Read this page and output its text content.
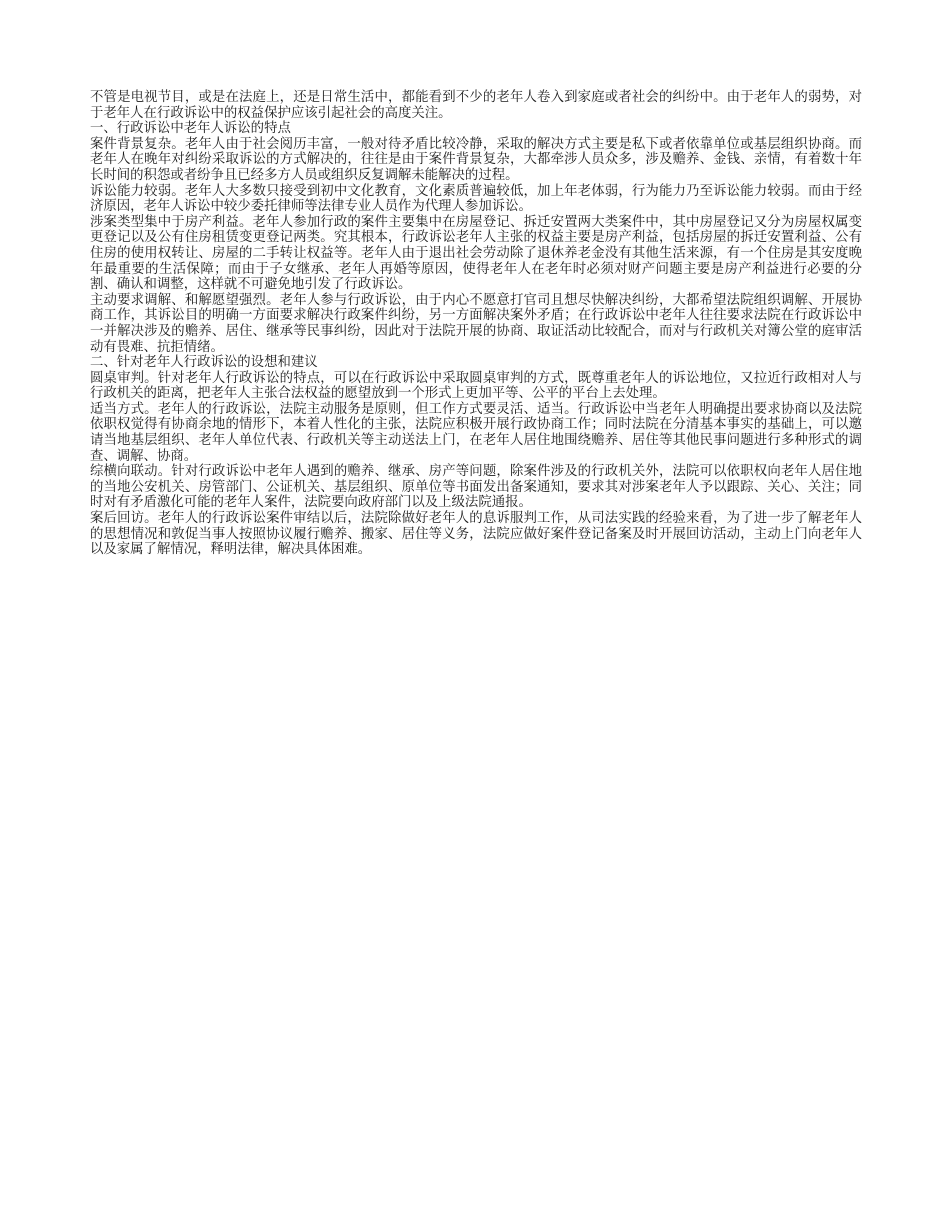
不管是电视节目，或是在法庭上，还是日常生活中，都能看到不少的老年人卷入到家庭或者社会的纠纷中。由于老年人的弱势，对于老年人在行政诉讼中的权益保护应该引起社会的高度关注。

一、行政诉讼中老年人诉讼的特点

案件背景复杂。老年人由于社会阅历丰富，一般对待矛盾比较冷静，采取的解决方式主要是私下或者依靠单位或基层组织协商。而老年人在晚年对纠纷采取诉讼的方式解决的，往往是由于案件背景复杂，大都牵涉人员众多，涉及赡养、金钱、亲情，有着数十年长时间的积怨或者纷争且已经多方人员或组织反复调解未能解决的过程。

诉讼能力较弱。老年人大多数只接受到初中文化教育，文化素质普遍较低，加上年老体弱，行为能力乃至诉讼能力较弱。而由于经济原因，老年人诉讼中较少委托律师等法律专业人员作为代理人参加诉讼。

涉案类型集中于房产利益。老年人参加行政的案件主要集中在房屋登记、拆迁安置两大类案件中，其中房屋登记又分为房屋权属变更登记以及公有住房租赁变更登记两类。究其根本，行政诉讼老年人主张的权益主要是房产利益，包括房屋的拆迁安置利益、公有住房的使用权转让、房屋的二手转让权益等。老年人由于退出社会劳动除了退休养老金没有其他生活来源，有一个住房是其安度晚年最重要的生活保障；而由于子女继承、老年人再婚等原因，使得老年人在老年时必须对财产问题主要是房产利益进行必要的分割、确认和调整，这样就不可避免地引发了行政诉讼。

主动要求调解、和解愿望强烈。老年人参与行政诉讼，由于内心不愿意打官司且想尽快解决纠纷，大都希望法院组织调解、开展协商工作，其诉讼目的明确一方面要求解决行政案件纠纷，另一方面解决案外矛盾；在行政诉讼中老年人往往要求法院在行政诉讼中一并解决涉及的赡养、居住、继承等民事纠纷，因此对于法院开展的协商、取证活动比较配合，而对与行政机关对簿公堂的庭审活动有畏难、抗拒情绪。

二、针对老年人行政诉讼的设想和建议

圆桌审判。针对老年人行政诉讼的特点，可以在行政诉讼中采取圆桌审判的方式，既尊重老年人的诉讼地位，又拉近行政相对人与行政机关的距离，把老年人主张合法权益的愿望放到一个形式上更加平等、公平的平台上去处理。

适当方式。老年人的行政诉讼，法院主动服务是原则，但工作方式要灵活、适当。行政诉讼中当老年人明确提出要求协商以及法院依职权觉得有协商余地的情形下，本着人性化的主张，法院应积极开展行政协商工作；同时法院在分清基本事实的基础上，可以邀请当地基层组织、老年人单位代表、行政机关等主动送法上门，在老年人居住地围绕赡养、居住等其他民事问题进行多种形式的调查、调解、协商。

综横向联动。针对行政诉讼中老年人遇到的赡养、继承、房产等问题，除案件涉及的行政机关外，法院可以依职权向老年人居住地的当地公安机关、房管部门、公证机关、基层组织、原单位等书面发出备案通知，要求其对涉案老年人予以跟踪、关心、关注；同时对有矛盾激化可能的老年人案件，法院要向政府部门以及上级法院通报。

案后回访。老年人的行政诉讼案件审结以后，法院除做好老年人的息诉服判工作，从司法实践的经验来看，为了进一步了解老年人的思想情况和敦促当事人按照协议履行赡养、搬家、居住等义务，法院应做好案件登记备案及时开展回访活动，主动上门向老年人以及家属了解情况，释明法律，解决具体困难。
